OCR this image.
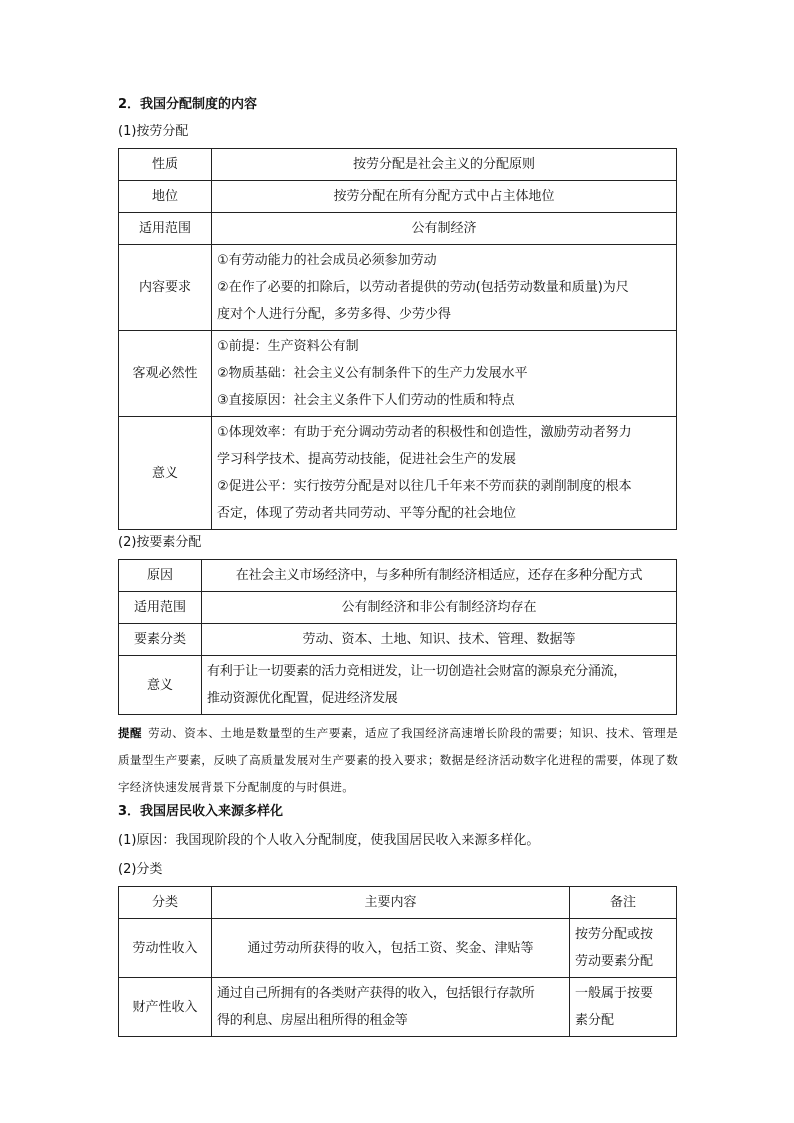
2．我国分配制度的内容
(1)按劳分配
性质	按劳分配是社会主义的分配原则
地位	按劳分配在所有分配方式中占主体地位
适用范围	公有制经济
内容要求	①有劳动能力的社会成员必须参加劳动
②在作了必要的扣除后，以劳动者提供的劳动(包括劳动数量和质量)为尺
度对个人进行分配，多劳多得、少劳少得

客观必然性	①前提：生产资料公有制
②物质基础：社会主义公有制条件下的生产力发展水平
③直接原因：社会主义条件下人们劳动的性质和特点

意义	①体现效率：有助于充分调动劳动者的积极性和创造性，激励劳动者努力
学习科学技术、提高劳动技能，促进社会生产的发展
②促进公平：实行按劳分配是对以往几千年来不劳而获的剥削制度的根本
否定，体现了劳动者共同劳动、平等分配的社会地位
(2)按要素分配
原因	在社会主义市场经济中，与多种所有制经济相适应，还存在多种分配方式
适用范围	公有制经济和非公有制经济均存在
要素分类	劳动、资本、土地、知识、技术、管理、数据等
意义	有利于让一切要素的活力竞相迸发，让一切创造社会财富的源泉充分涌流，
推动资源优化配置，促进经济发展
提醒 劳动、资本、土地是数量型的生产要素，适应了我国经济高速增长阶段的需要；知识、技术、管理是质量型生产要素，反映了高质量发展对生产要素的投入要求；数据是经济活动数字化进程的需要，体现了数字经济快速发展背景下分配制度的与时俱进。
3．我国居民收入来源多样化
(1)原因：我国现阶段的个人收入分配制度，使我国居民收入来源多样化。
(2)分类
分类	主要内容	备注
劳动性收入	通过劳动所获得的收入，包括工资、奖金、津贴等	按劳分配或按
劳动要素分配

财产性收入	通过自己所拥有的各类财产获得的收入，包括银行存款所
得的利息、房屋出租所得的租金等	一般属于按要
素分配
